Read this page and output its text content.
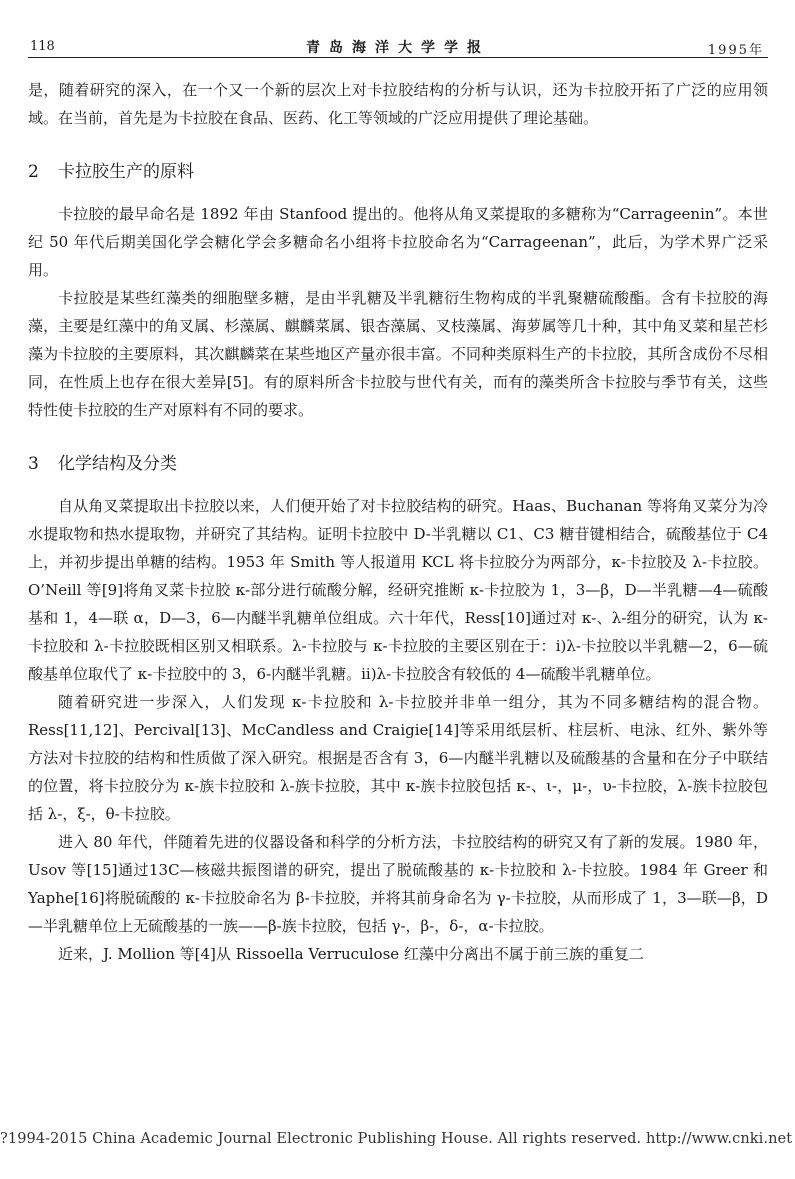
118	青岛海洋大学学报	1995年

是，随着研究的深入，在一个又一个新的层次上对卡拉胶结构的分析与认识，还为卡拉胶开拓了广泛的应用领域。在当前，首先是为卡拉胶在食品、医药、化工等领域的广泛应用提供了理论基础。

2 卡拉胶生产的原料

卡拉胶的最早命名是 1892 年由 Stanfood 提出的。他将从角叉菜提取的多糖称为“Carrageenin”。本世纪 50 年代后期美国化学会糖化学会多糖命名小组将卡拉胶命名为“Carrageenan”，此后，为学术界广泛采用。

卡拉胶是某些红藻类的细胞壁多糖，是由半乳糖及半乳糖衍生物构成的半乳聚糖硫酸酯。含有卡拉胶的海藻，主要是红藻中的角叉属、杉藻属、麒麟菜属、银杏藻属、叉枝藻属、海萝属等几十种，其中角叉菜和星芒杉藻为卡拉胶的主要原料，其次麒麟菜在某些地区产量亦很丰富。不同种类原料生产的卡拉胶，其所含成份不尽相同，在性质上也存在很大差异[5]。有的原料所含卡拉胶与世代有关，而有的藻类所含卡拉胶与季节有关，这些特性使卡拉胶的生产对原料有不同的要求。

3 化学结构及分类

自从角叉菜提取出卡拉胶以来，人们便开始了对卡拉胶结构的研究。Haas、Buchanan 等将角叉菜分为冷水提取物和热水提取物，并研究了其结构。证明卡拉胶中 D-半乳糖以 C1、C3 糖苷键相结合，硫酸基位于 C4 上，并初步提出单糖的结构。1953 年 Smith 等人报道用 KCL 将卡拉胶分为两部分，κ-卡拉胶及 λ-卡拉胶。O’Neill 等[9]将角叉菜卡拉胶 κ-部分进行硫酸分解，经研究推断 κ-卡拉胶为 1，3—β，D—半乳糖—4—硫酸基和 1，4—联 α，D—3，6—内醚半乳糖单位组成。六十年代，Ress[10]通过对 κ-、λ-组分的研究，认为 κ-卡拉胶和 λ-卡拉胶既相区别又相联系。λ-卡拉胶与 κ-卡拉胶的主要区别在于：i)λ-卡拉胶以半乳糖—2，6—硫酸基单位取代了 κ-卡拉胶中的 3，6-内醚半乳糖。ii)λ-卡拉胶含有较低的 4—硫酸半乳糖单位。

随着研究进一步深入，人们发现 κ-卡拉胶和 λ-卡拉胶并非单一组分，其为不同多糖结构的混合物。Ress[11,12]、Percival[13]、McCandless and Craigie[14]等采用纸层析、柱层析、电泳、红外、紫外等方法对卡拉胶的结构和性质做了深入研究。根据是否含有 3，6—内醚半乳糖以及硫酸基的含量和在分子中联结的位置，将卡拉胶分为 κ-族卡拉胶和 λ-族卡拉胶，其中 κ-族卡拉胶包括 κ-、ι-，μ-，υ-卡拉胶，λ-族卡拉胶包括 λ-，ξ-，θ-卡拉胶。

进入 80 年代，伴随着先进的仪器设备和科学的分析方法，卡拉胶结构的研究又有了新的发展。1980 年，Usov 等[15]通过13C—核磁共振图谱的研究，提出了脱硫酸基的 κ-卡拉胶和 λ-卡拉胶。1984 年 Greer 和 Yaphe[16]将脱硫酸的 κ-卡拉胶命名为 β-卡拉胶，并将其前身命名为 γ-卡拉胶，从而形成了 1，3—联—β，D—半乳糖单位上无硫酸基的一族——β-族卡拉胶，包括 γ-，β-，δ-，α-卡拉胶。

近来，J. Mollion 等[4]从 Rissoella Verruculose 红藻中分离出不属于前三族的重复二

?1994-2015 China Academic Journal Electronic Publishing House. All rights reserved. http://www.cnki.net
